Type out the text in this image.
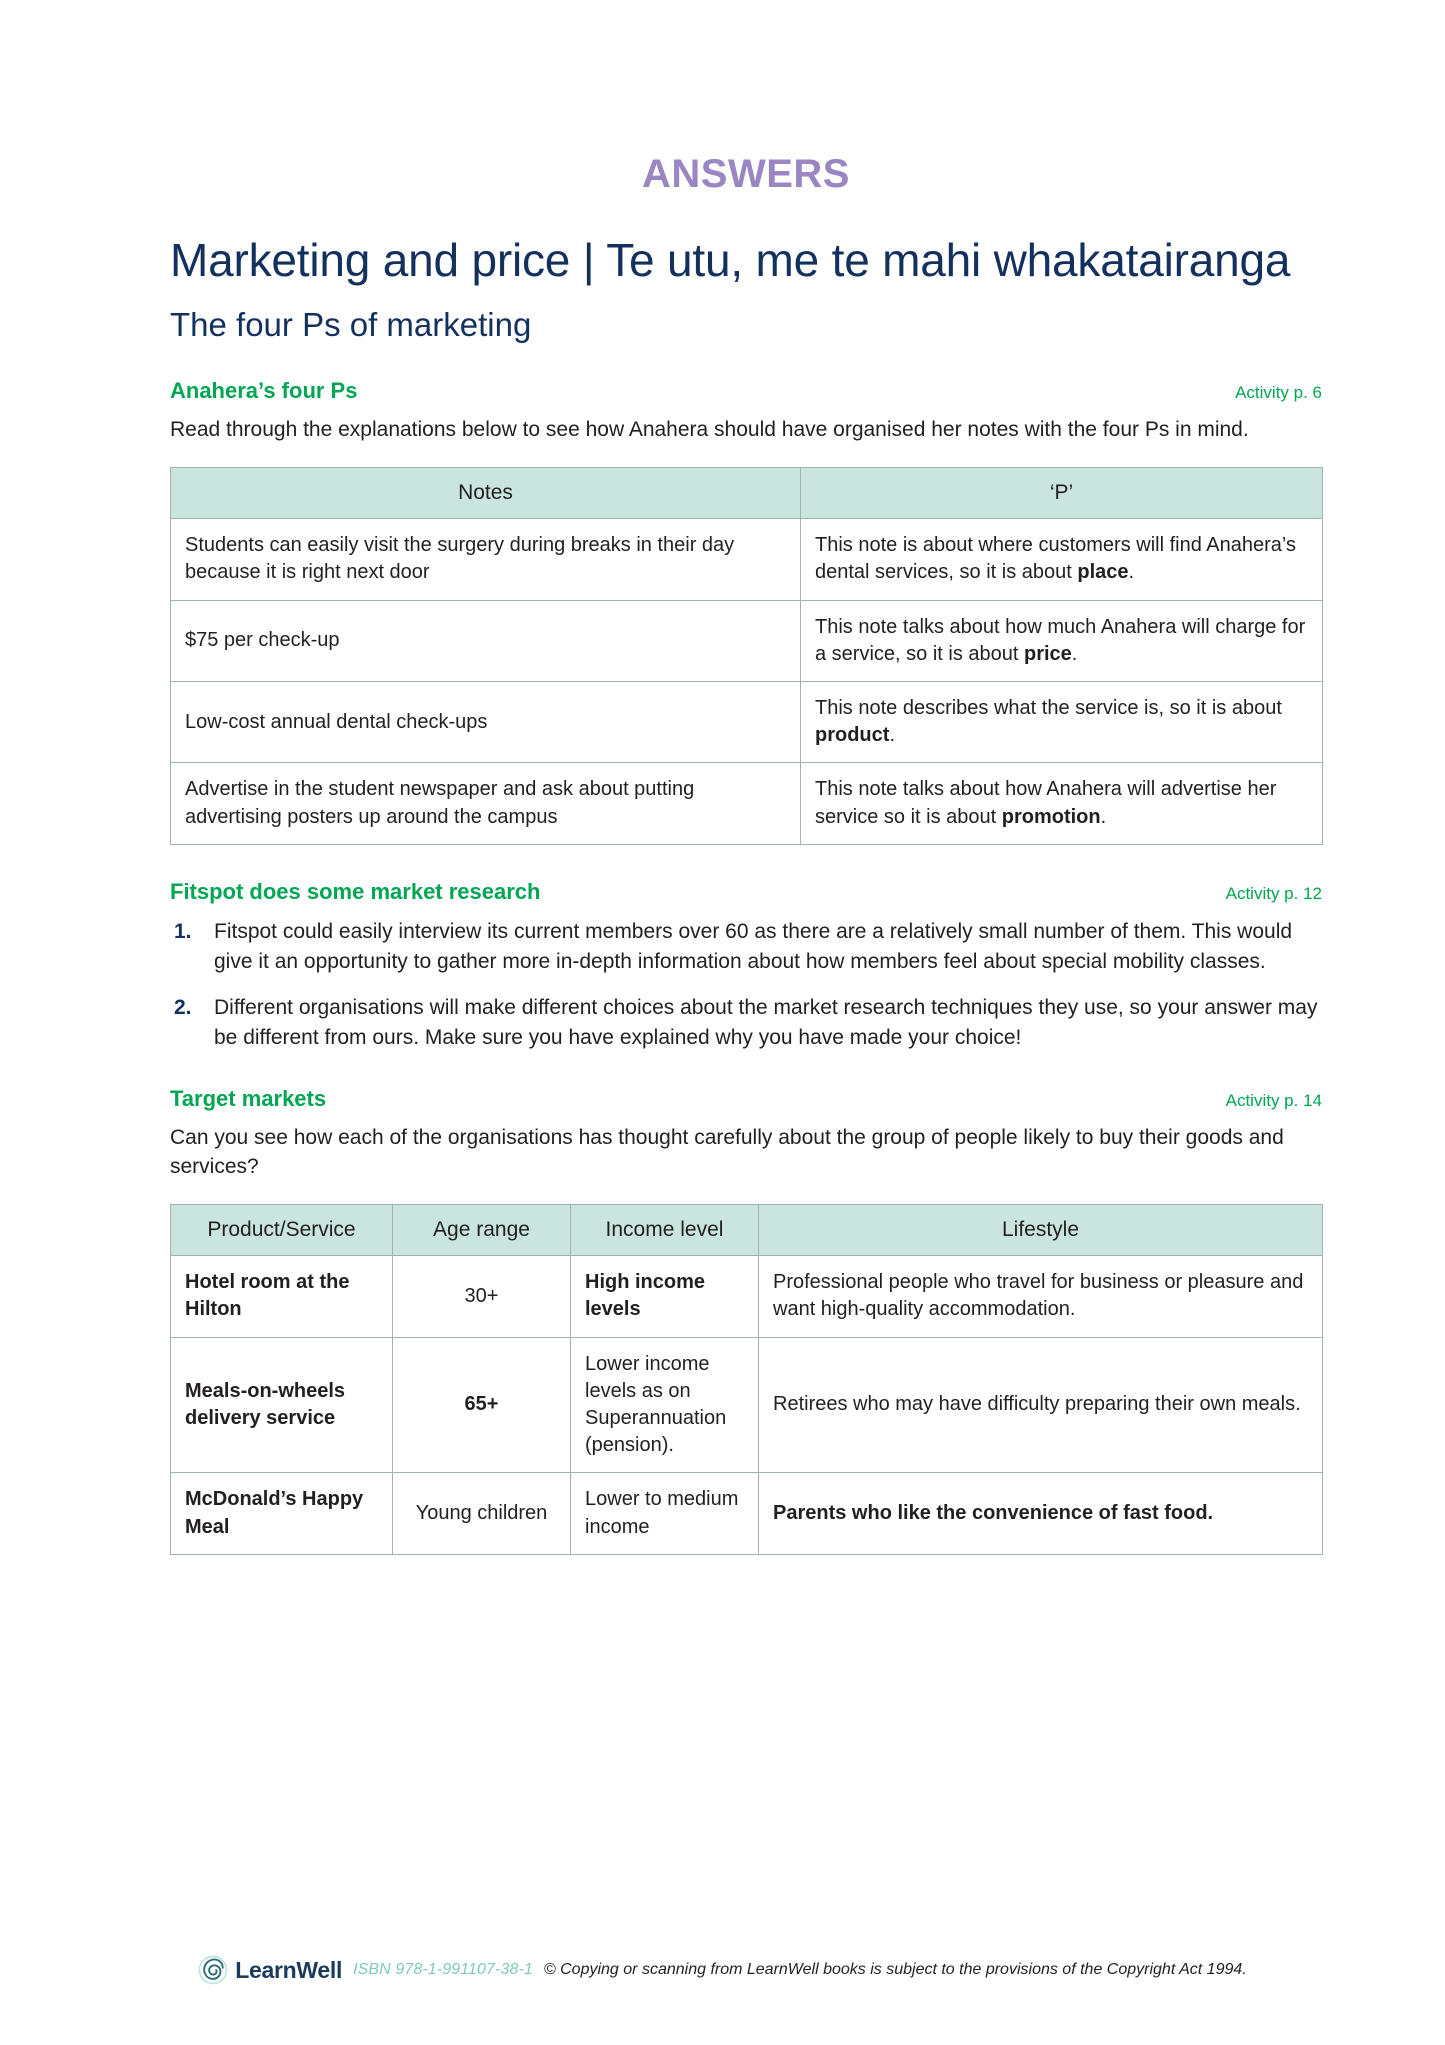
ANSWERS
Marketing and price | Te utu, me te mahi whakatairanga
The four Ps of marketing
Anahera’s four Ps	Activity p. 6
Read through the explanations below to see how Anahera should have organised her notes with the four Ps in mind.
Notes	‘P’
Students can easily visit the surgery during breaks in their day because it is right next door	This note is about where customers will find Anahera’s dental services, so it is about place.
$75 per check-up	This note talks about how much Anahera will charge for a service, so it is about price.
Low-cost annual dental check-ups	This note describes what the service is, so it is about product.
Advertise in the student newspaper and ask about putting advertising posters up around the campus	This note talks about how Anahera will advertise her service so it is about promotion.
Fitspot does some market research	Activity p. 12
1. Fitspot could easily interview its current members over 60 as there are a relatively small number of them. This would give it an opportunity to gather more in-depth information about how members feel about special mobility classes.
2. Different organisations will make different choices about the market research techniques they use, so your answer may be different from ours. Make sure you have explained why you have made your choice!
Target markets	Activity p. 14
Can you see how each of the organisations has thought carefully about the group of people likely to buy their goods and services?
Product/Service	Age range	Income level	Lifestyle
Hotel room at the Hilton	30+	High income levels	Professional people who travel for business or pleasure and want high-quality accommodation.
Meals-on-wheels delivery service	65+	Lower income levels as on Superannuation (pension).	Retirees who may have difficulty preparing their own meals.
McDonald’s Happy Meal	Young children	Lower to medium income	Parents who like the convenience of fast food.
LearnWell ISBN 978-1-991107-38-1 © Copying or scanning from LearnWell books is subject to the provisions of the Copyright Act 1994.
